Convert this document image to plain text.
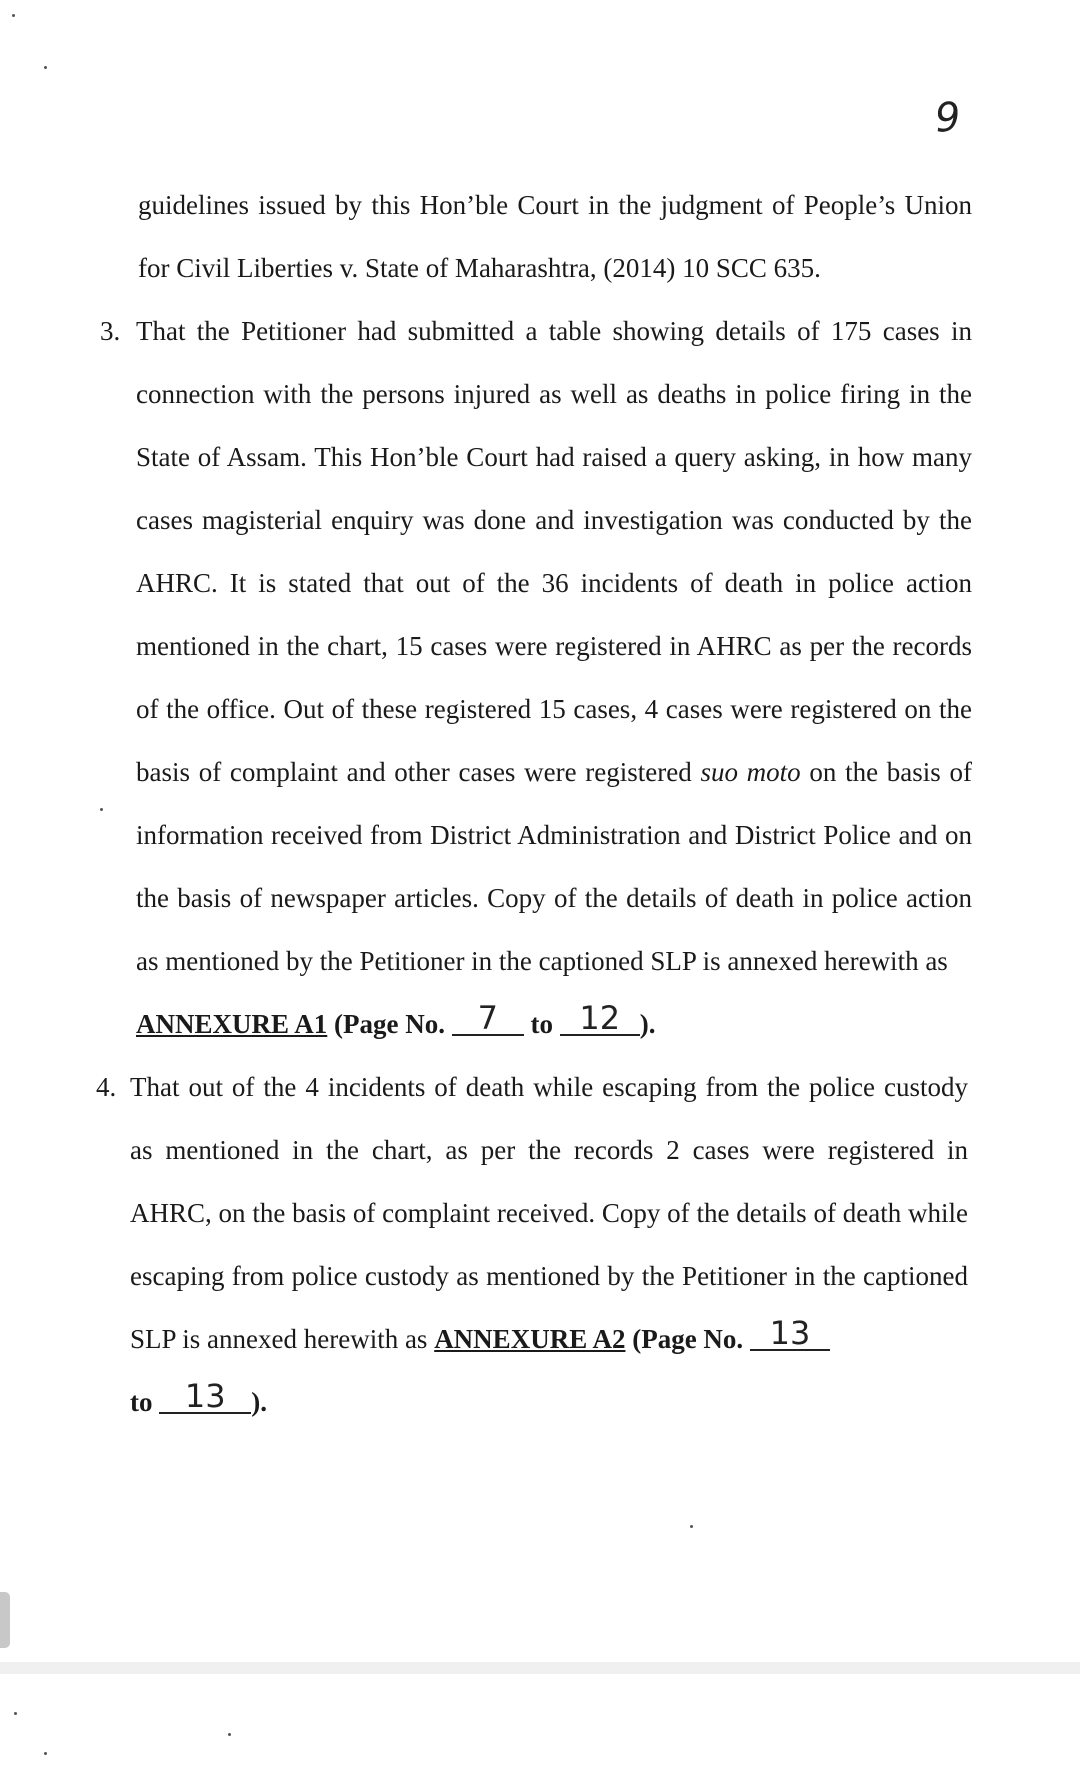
9

guidelines issued by this Hon’ble Court in the judgment of People’s Union

for Civil Liberties v. State of Maharashtra, (2014) 10 SCC 635.

3. That the Petitioner had submitted a table showing details of 175 cases in connection with the persons injured as well as deaths in police firing in the State of Assam. This Hon’ble Court had raised a query asking, in how many cases magisterial enquiry was done and investigation was conducted by the AHRC. It is stated that out of the 36 incidents of death in police action mentioned in the chart, 15 cases were registered in AHRC as per the records of the office. Out of these registered 15 cases, 4 cases were registered on the basis of complaint and other cases were registered suo moto on the basis of information received from District Administration and District Police and on the basis of newspaper articles. Copy of the details of death in police action as mentioned by the Petitioner in the captioned SLP is annexed herewith as

ANNEXURE A1 (Page No. 7 to 12 ).

4. That out of the 4 incidents of death while escaping from the police custody as mentioned in the chart, as per the records 2 cases were registered in AHRC, on the basis of complaint received. Copy of the details of death while escaping from police custody as mentioned by the Petitioner in the captioned SLP is annexed herewith as ANNEXURE A2 (Page No. 13

to 13 ).
